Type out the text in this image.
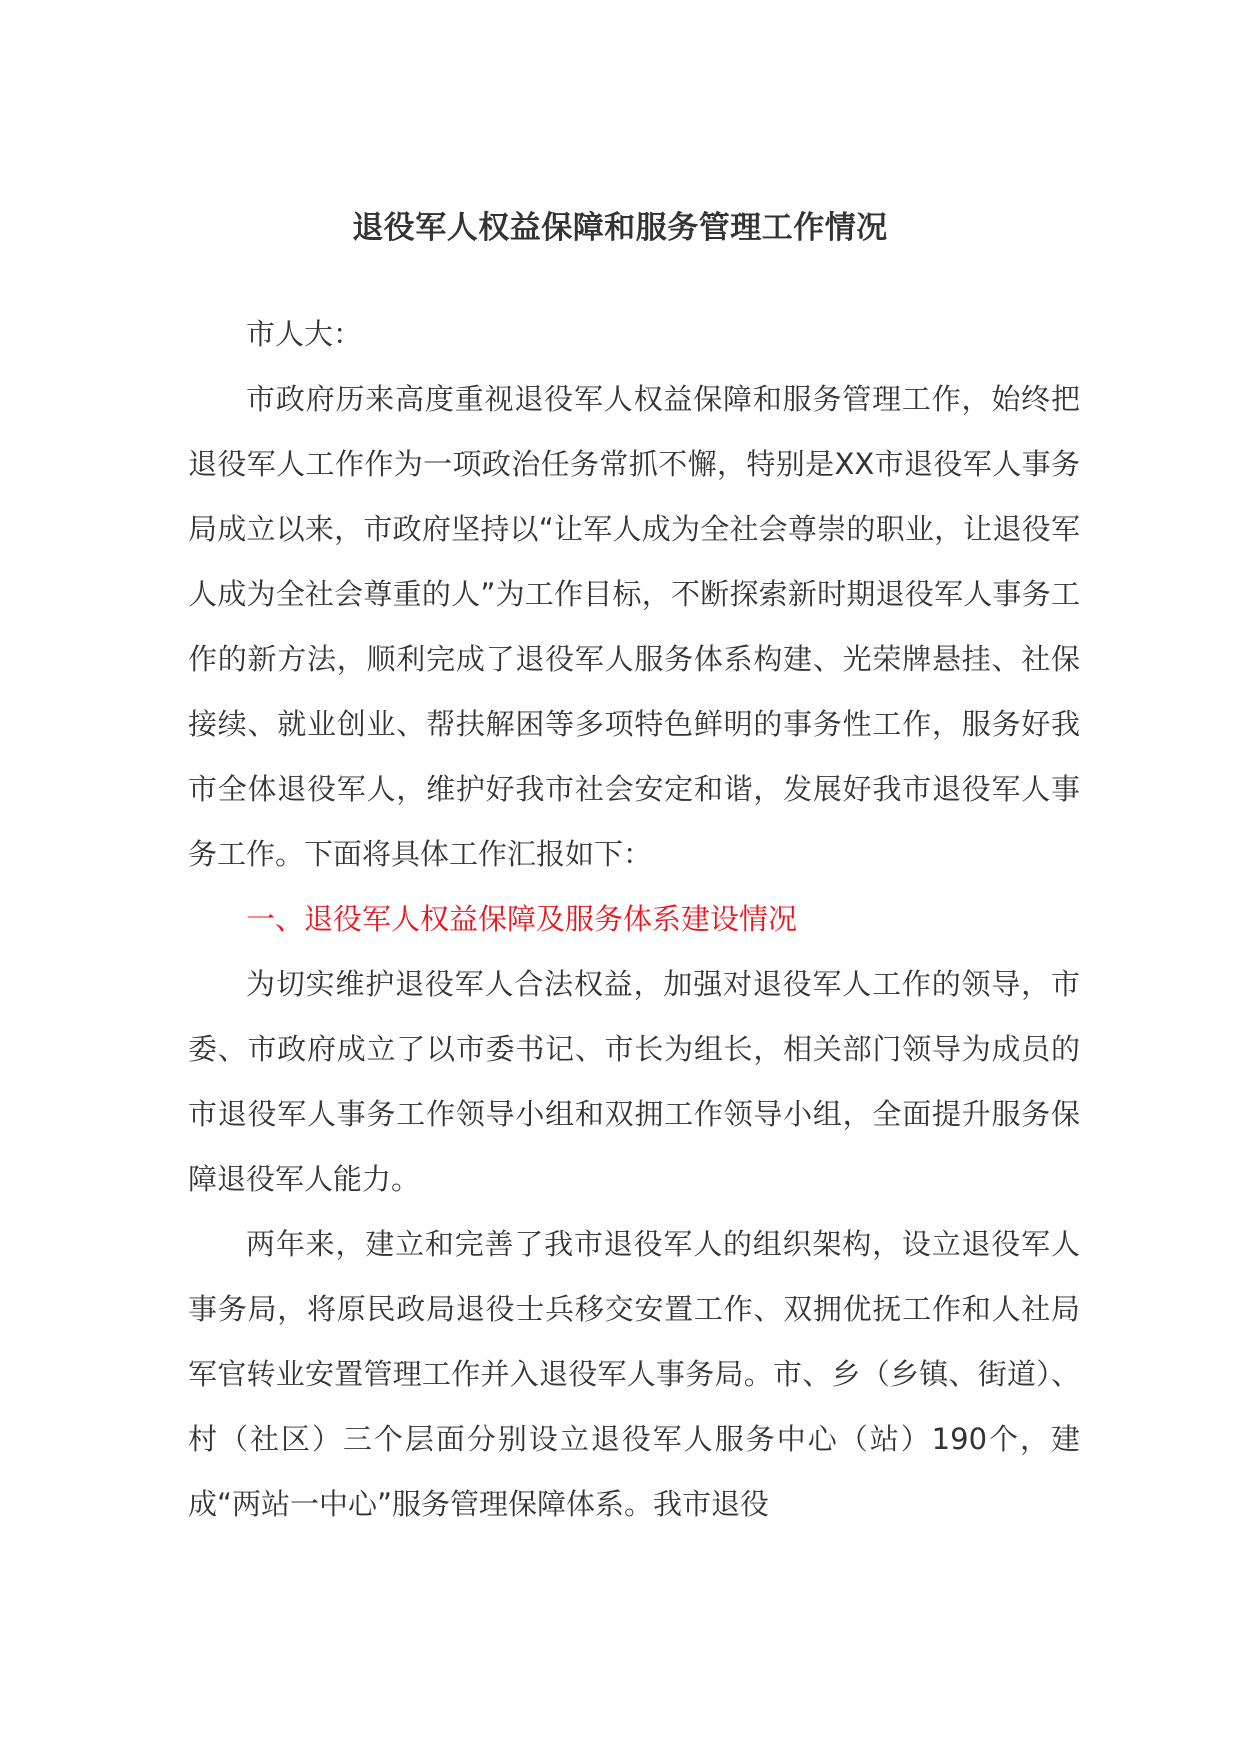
退役军人权益保障和服务管理工作情况

市人大：

市政府历来高度重视退役军人权益保障和服务管理工作，始终把退役军人工作作为一项政治任务常抓不懈，特别是XX市退役军人事务局成立以来，市政府坚持以“让军人成为全社会尊崇的职业，让退役军人成为全社会尊重的人”为工作目标，不断探索新时期退役军人事务工作的新方法，顺利完成了退役军人服务体系构建、光荣牌悬挂、社保接续、就业创业、帮扶解困等多项特色鲜明的事务性工作，服务好我市全体退役军人，维护好我市社会安定和谐，发展好我市退役军人事务工作。下面将具体工作汇报如下：

一、退役军人权益保障及服务体系建设情况

为切实维护退役军人合法权益，加强对退役军人工作的领导，市委、市政府成立了以市委书记、市长为组长，相关部门领导为成员的市退役军人事务工作领导小组和双拥工作领导小组，全面提升服务保障退役军人能力。

两年来，建立和完善了我市退役军人的组织架构，设立退役军人事务局，将原民政局退役士兵移交安置工作、双拥优抚工作和人社局军官转业安置管理工作并入退役军人事务局。市、乡（乡镇、街道）、村（社区）三个层面分别设立退役军人服务中心（站）190个，建成“两站一中心”服务管理保障体系。我市退役
